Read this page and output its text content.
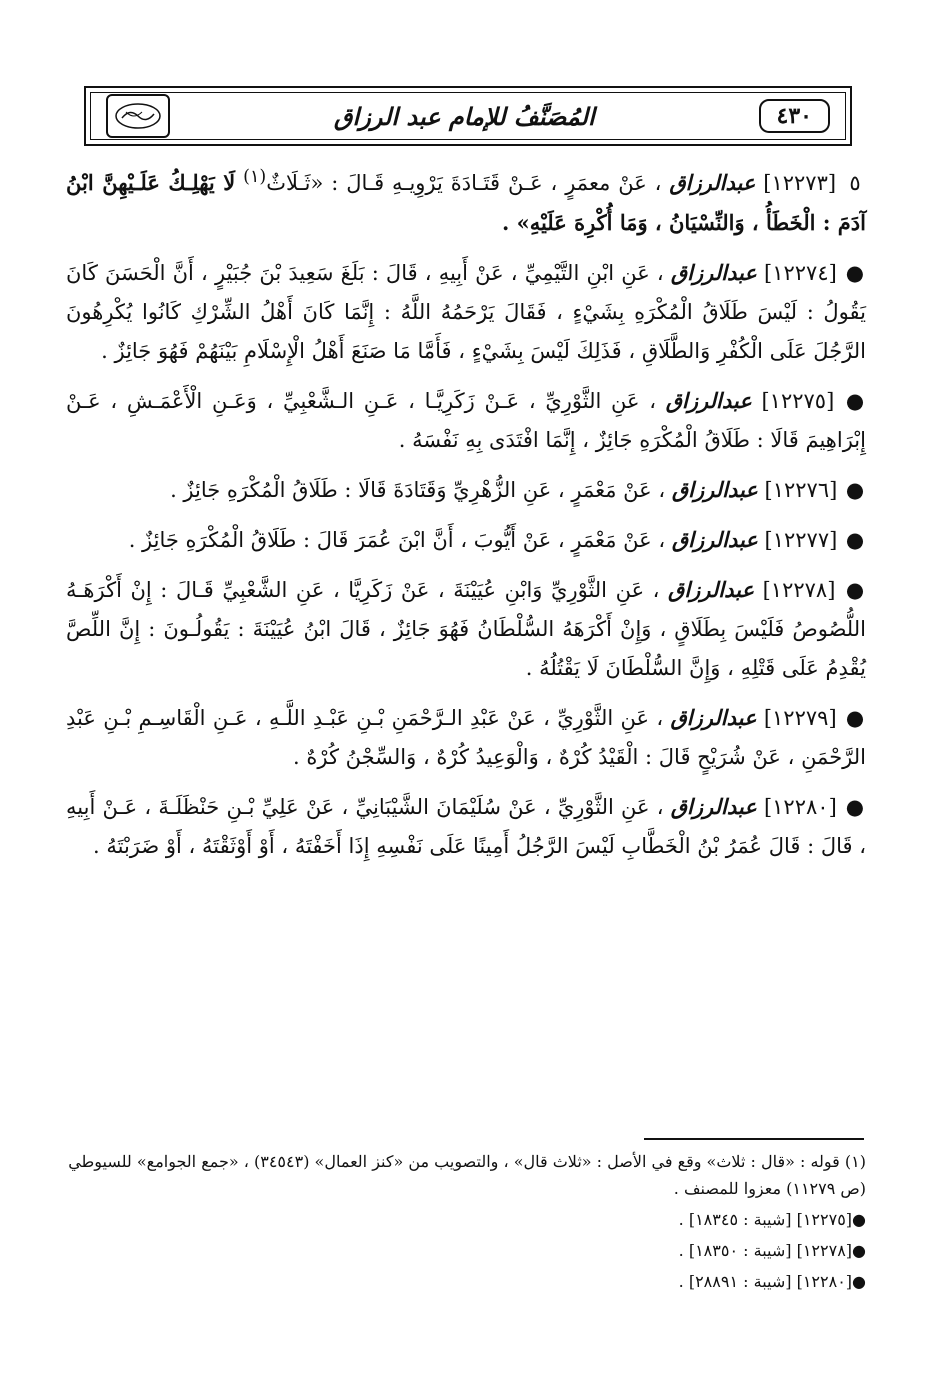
٤٣٠
المُصَنَّفُ للإمام عبد الرزاق

٥ [١٢٢٧٣] عبدالرزاق ، عَنْ معمَرٍ ، عَـنْ قَتَـادَةَ يَرْوِيـهِ قَـالَ : «ثَـلَاثٌ$^{(١)}$ لَا يَهْلِـكُ عَلَـيْهِنَّ ابْنُ آدَمَ : الْخَطَأُ ، وَالنِّسْيَانُ ، وَمَا أُكْرِهَ عَلَيْهِ» .

● [١٢٢٧٤] عبدالرزاق ، عَنِ ابْنِ التَّيْمِيِّ ، عَنْ أَبِيهِ ، قَالَ : بَلَغَ سَعِيدَ بْنَ جُبَيْرٍ ، أَنَّ الْحَسَنَ كَانَ يَقُولُ : لَيْسَ طَلَاقُ الْمُكْرَهِ بِشَيْءٍ ، فَقَالَ يَرْحَمُهُ اللَّهُ : إِنَّمَا كَانَ أَهْلُ الشِّرْكِ كَانُوا يُكْرِهُونَ الرَّجُلَ عَلَى الْكُفْرِ وَالطَّلَاقِ ، فَذَلِكَ لَيْسَ بِشَيْءٍ ، فَأَمَّا مَا صَنَعَ أَهْلُ الْإِسْلَامِ بَيْنَهُمْ فَهُوَ جَائِزٌ .

● [١٢٢٧٥] عبدالرزاق ، عَنِ الثَّوْرِيِّ ، عَـنْ زَكَرِيَّـا ، عَـنِ الـشَّعْبِيِّ ، وَعَـنِ الْأَعْمَـشِ ، عَـنْ إِبْرَاهِيمَ قَالَا : طَلَاقُ الْمُكْرَهِ جَائِزٌ ، إِنَّمَا افْتَدَى بِهِ نَفْسَهُ .

● [١٢٢٧٦] عبدالرزاق ، عَنْ مَعْمَرٍ ، عَنِ الزُّهْرِيِّ وَقَتَادَةَ قَالَا : طَلَاقُ الْمُكْرَهِ جَائِزٌ .

● [١٢٢٧٧] عبدالرزاق ، عَنْ مَعْمَرٍ ، عَنْ أَيُّوبَ ، أَنَّ ابْنَ عُمَرَ قَالَ : طَلَاقُ الْمُكْرَهِ جَائِزٌ .

● [١٢٢٧٨] عبدالرزاق ، عَنِ الثَّوْرِيِّ وَابْنِ عُيَيْنَةَ ، عَنْ زَكَرِيَّا ، عَنِ الشَّعْبِيِّ قَـالَ : إِنْ أَكْرَهَـهُ اللُّصُوصُ فَلَيْسَ بِطَلَاقٍ ، وَإِنْ أَكْرَهَهُ السُّلْطَانُ فَهُوَ جَائِزٌ ، قَالَ ابْنُ عُيَيْنَةَ : يَقُولُـونَ : إِنَّ اللِّصَّ يُقْدِمُ عَلَى قَتْلِهِ ، وَإِنَّ السُّلْطَانَ لَا يَقْتُلُهُ .

● [١٢٢٧٩] عبدالرزاق ، عَنِ الثَّوْرِيِّ ، عَنْ عَبْدِ الـرَّحْمَنِ بْـنِ عَبْـدِ اللَّـهِ ، عَـنِ الْقَاسِـمِ بْـنِ عَبْدِ الرَّحْمَنِ ، عَنْ شُرَيْحٍ قَالَ : الْقَيْدُ كُرْهٌ ، وَالْوَعِيدُ كُرْهٌ ، وَالسِّجْنُ كُرْهٌ .

● [١٢٢٨٠] عبدالرزاق ، عَنِ الثَّوْرِيِّ ، عَنْ سُلَيْمَانَ الشَّيْبَانِيِّ ، عَنْ عَلِيِّ بْـنِ حَنْظَلَـةَ ، عَـنْ أَبِيهِ ، قَالَ : قَالَ عُمَرُ بْنُ الْخَطَّابِ لَيْسَ الرَّجُلُ أَمِينًا عَلَى نَفْسِهِ إِذَا أَخَفْتَهُ ، أَوْ أَوْثَقْتَهُ ، أَوْ ضَرَبْتَهُ .

(١) قوله : «قال : ثلاث» وقع في الأصل : «ثلاث قال» ، والتصويب من «كنز العمال» (٣٤٥٤٣) ، «جمع الجوامع» للسيوطي (ص ١١٢٧٩) معزوا للمصنف .

●[١٢٢٧٥] [شيبة : ١٨٣٤٥] .

●[١٢٢٧٨] [شيبة : ١٨٣٥٠] .

●[١٢٢٨٠] [شيبة : ٢٨٨٩١] .
